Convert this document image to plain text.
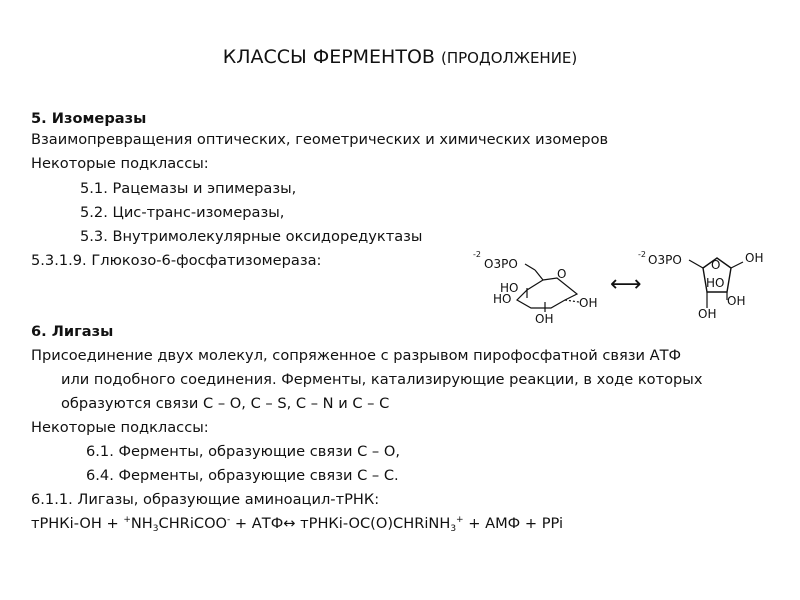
КЛАССЫ ФЕРМЕНТОВ (ПРОДОЛЖЕНИЕ)
5. Изомеразы
Взаимопревращения оптических, геометрических и химических изомеров
Некоторые подклассы:
5.1. Рацемазы и эпимеразы,
5.2. Цис-транс-изомеразы,
5.3. Внутримолекулярные оксидоредуктазы
5.3.1.9. Глюкозо-6-фосфатизомераза:	-2
O3PO
O
HO
HO
OH
OH
⟷
-2 O3PO O OH
OH
OH
HO
6. Лигазы
Присоединение двух молекул, сопряженное с разрывом пирофосфатной связи АТФ
или подобного соединения. Ферменты, катализирующие реакции, в ходе которых
образуются связи С – О, С – S, С – N и С – С
Некоторые подклассы:
6.1. Ферменты, образующие связи С – О,
6.4. Ферменты, образующие связи С – С.
6.1.1. Лигазы, образующие аминоацил-тРНК:
тРНКi-OH + $^+NH_3CHRiCOO^-$ + АТФ↔ тРНКi-OC(O)CHRiNH$_3$+ + АМФ + PPi
